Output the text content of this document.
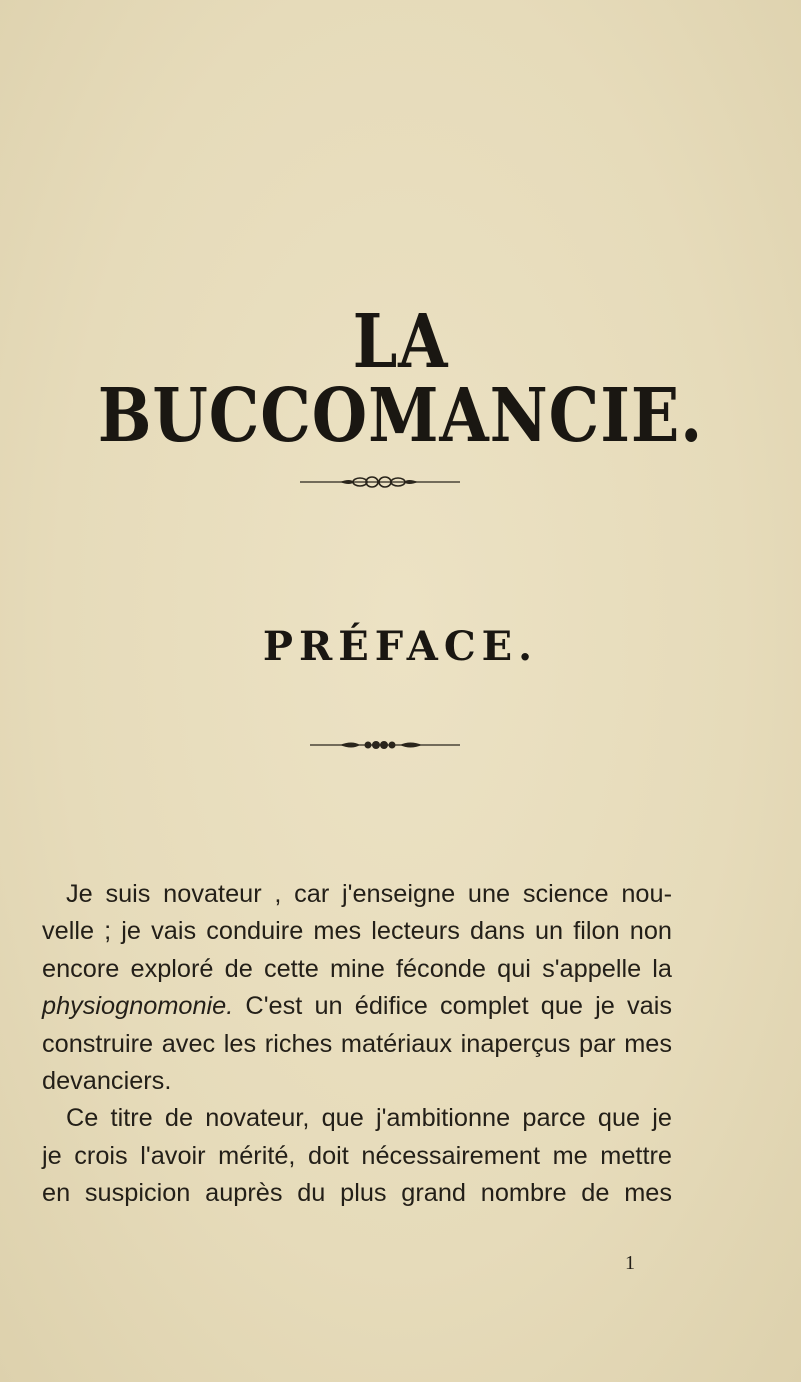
LA BUCCOMANCIE.
PRÉFACE.
Je suis novateur , car j'enseigne une science nou-
velle ; je vais conduire mes lecteurs dans un filon non
encore exploré de cette mine féconde qui s'appelle la
physiognomonie. C'est un édifice complet que je vais
construire avec les riches matériaux inaperçus par mes
devanciers.
Ce titre de novateur, que j'ambitionne parce que je
je crois l'avoir mérité, doit nécessairement me mettre
en suspicion auprès du plus grand nombre de mes
1
